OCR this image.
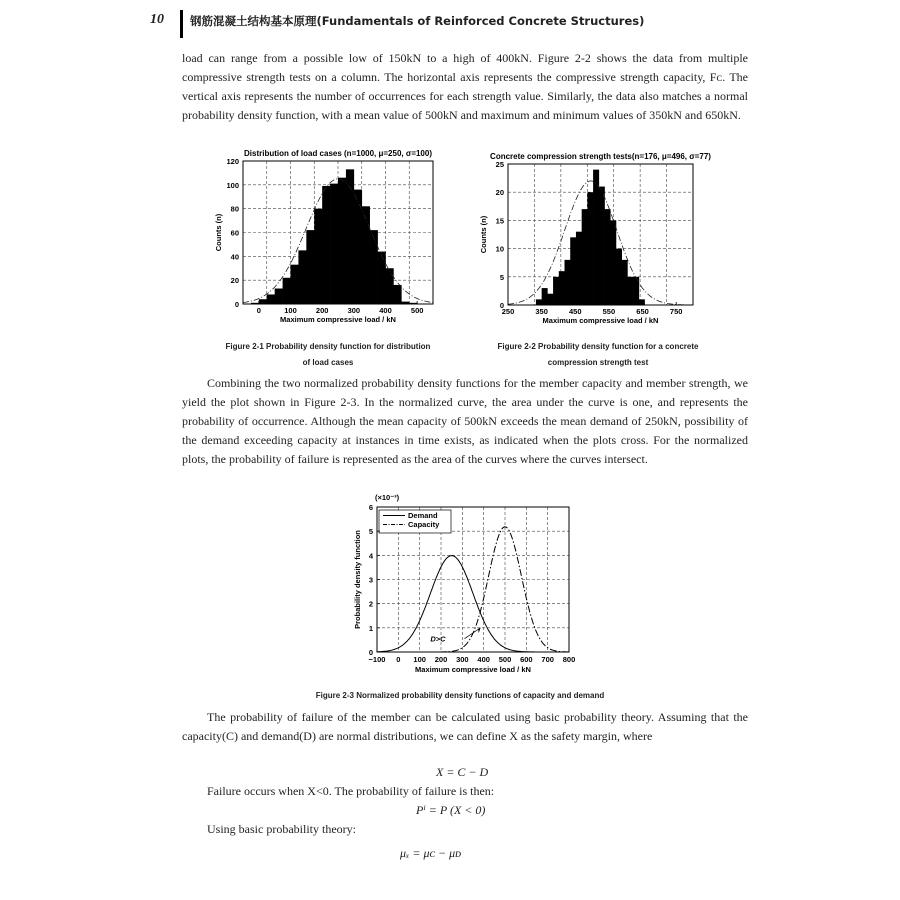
10 钢筋混凝土结构基本原理(Fundamentals of Reinforced Concrete Structures)

load can range from a possible low of 150kN to a high of 400kN. Figure 2-2 shows the data from multiple compressive strength tests on a column. The horizontal axis represents the compressive strength capacity, Fᴄ. The vertical axis represents the number of occurrences for each strength value. Similarly, the data also matches a normal probability density function, with a mean value of 500kN and maximum and minimum values of 350kN and 650kN.

Distribution of load cases (n=1000, μ=250, σ=100)
0	100	200	300	400	500
0
20
40
60
80
100
120
Maximum compressive load / kN
Counts (n)
Concrete compression strength tests(n=176, μ=496, σ=77)
250	350	450	550	650	750
0
5
10
15
20
25
Maximum compressive load / kN
Counts (n)
Figure 2-1 Probability density function for distribution
of load cases
Figure 2-2 Probability density function for a concrete
compression strength test

Combining the two normalized probability density functions for the member capacity and member strength, we yield the plot shown in Figure 2-3. In the normalized curve, the area under the curve is one, and represents the probability of occurrence. Although the mean capacity of 500kN exceeds the mean demand of 250kN, possibility of the demand exceeding capacity at instances in time exists, as indicated when the plots cross. For the normalized plots, the probability of failure is represented as the area of the curves where the curves intersect.

(×10⁻³)
Demand
Capacity
D>C
−100 0 100 200 300 400 500 600 700 800
0
1
2
3
4
5
6
Maximum compressive load / kN
Probability density function
Figure 2-3 Normalized probability density functions of capacity and demand

The probability of failure of the member can be calculated using basic probability theory. Assuming that the capacity(C) and demand(D) are normal distributions, we can define X as the safety margin, where

X = C − D
Failure occurs when X<0. The probability of failure is then:
Pⁱ = P (X < 0)
Using basic probability theory:
μₓ = μᴄ − μᴅ
